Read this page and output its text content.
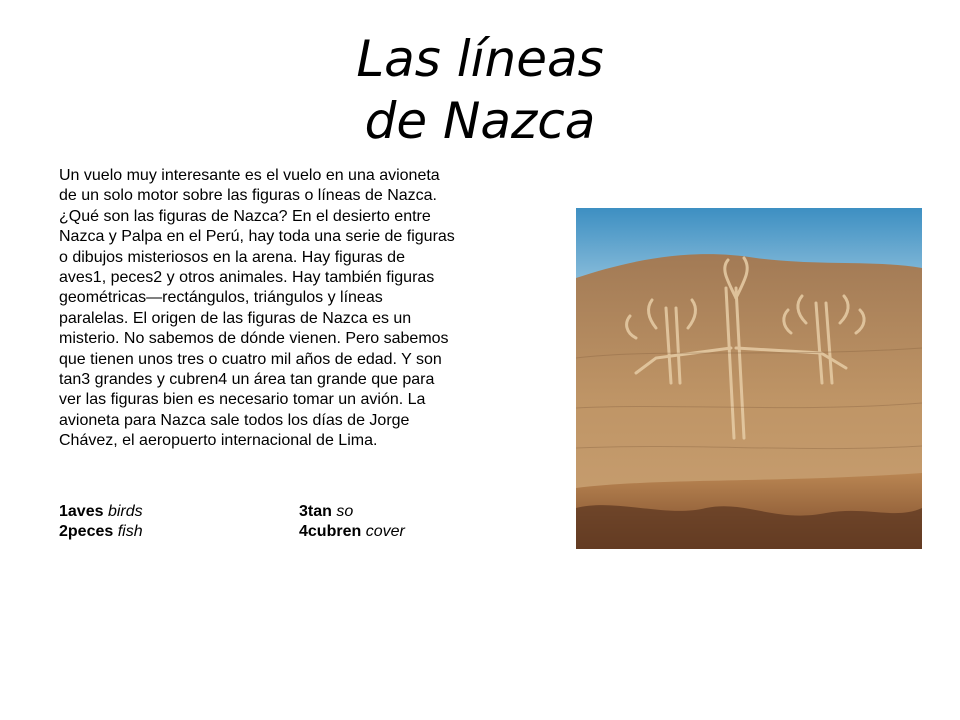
Las líneas
de Nazca

Un vuelo muy interesante es el vuelo en una avioneta

de un solo motor sobre las figuras o líneas de Nazca.

¿Qué son las figuras de Nazca? En el desierto entre

Nazca y Palpa en el Perú, hay toda una serie de figuras

o dibujos misteriosos en la arena. Hay figuras de

aves1, peces2 y otros animales. Hay también figuras

geométricas—rectángulos, triángulos y líneas

paralelas. El origen de las figuras de Nazca es un

misterio. No sabemos de dónde vienen. Pero sabemos

que tienen unos tres o cuatro mil años de edad. Y son

tan3 grandes y cubren4 un área tan grande que para

ver las figuras bien es necesario tomar un avión. La

avioneta para Nazca sale todos los días de Jorge

Chávez, el aeropuerto internacional de Lima.

1aves birds	3tan so
2peces fish	4cubren cover
